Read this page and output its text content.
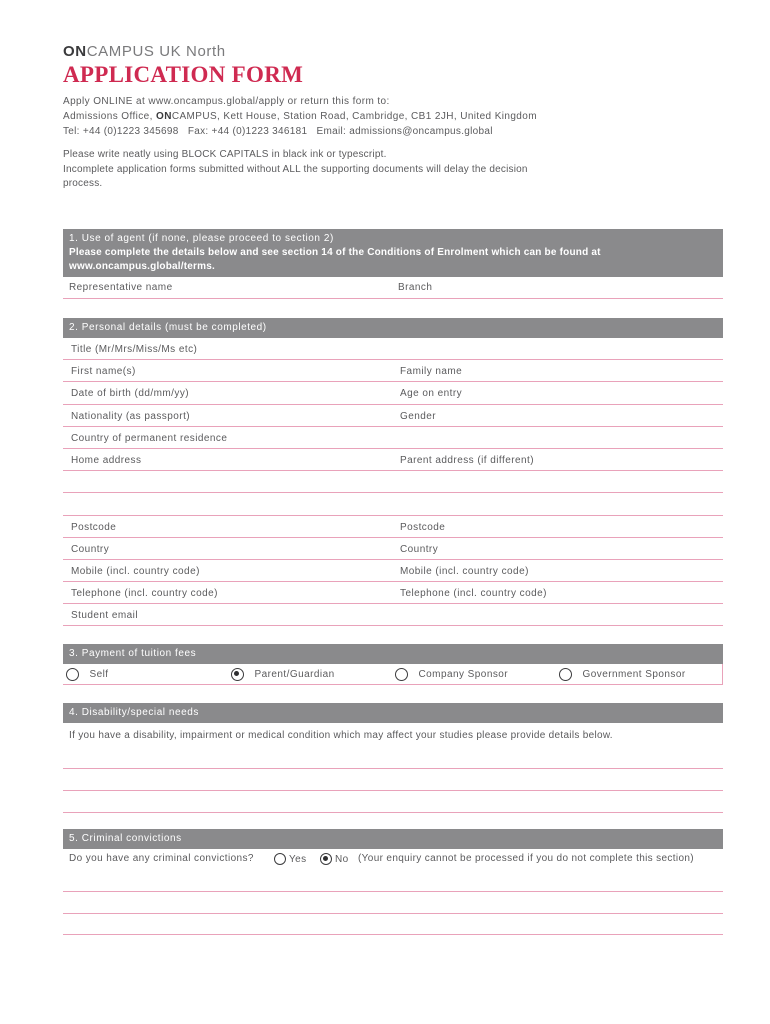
ONCAMPUS UK North
APPLICATION FORM
Apply ONLINE at www.oncampus.global/apply or return this form to:
Admissions Office, ONCAMPUS, Kett House, Station Road, Cambridge, CB1 2JH, United Kingdom
Tel: +44 (0)1223 345698   Fax: +44 (0)1223 346181   Email: admissions@oncampus.global
Please write neatly using BLOCK CAPITALS in black ink or typescript.
Incomplete application forms submitted without ALL the supporting documents will delay the decision
process.
1. Use of agent (if none, please proceed to section 2)
Please complete the details below and see section 14 of the Conditions of Enrolment which can be found at
www.oncampus.global/terms.
Representative name	Branch
2. Personal details (must be completed)
Title (Mr/Mrs/Miss/Ms etc)
First name(s)	Family name
Date of birth (dd/mm/yy)	Age on entry
Nationality (as passport)	Gender
Country of permanent residence
Home address	Parent address (if different)
Postcode	Postcode
Country	Country
Mobile (incl. country code)	Mobile (incl. country code)
Telephone (incl. country code)	Telephone (incl. country code)
Student email
3. Payment of tuition fees
Self	Parent/Guardian	Company Sponsor	Government Sponsor
4. Disability/special needs
If you have a disability, impairment or medical condition which may affect your studies please provide details below.
5. Criminal convictions
Do you have any criminal convictions?	Yes	No (Your enquiry cannot be processed if you do not complete this section)
